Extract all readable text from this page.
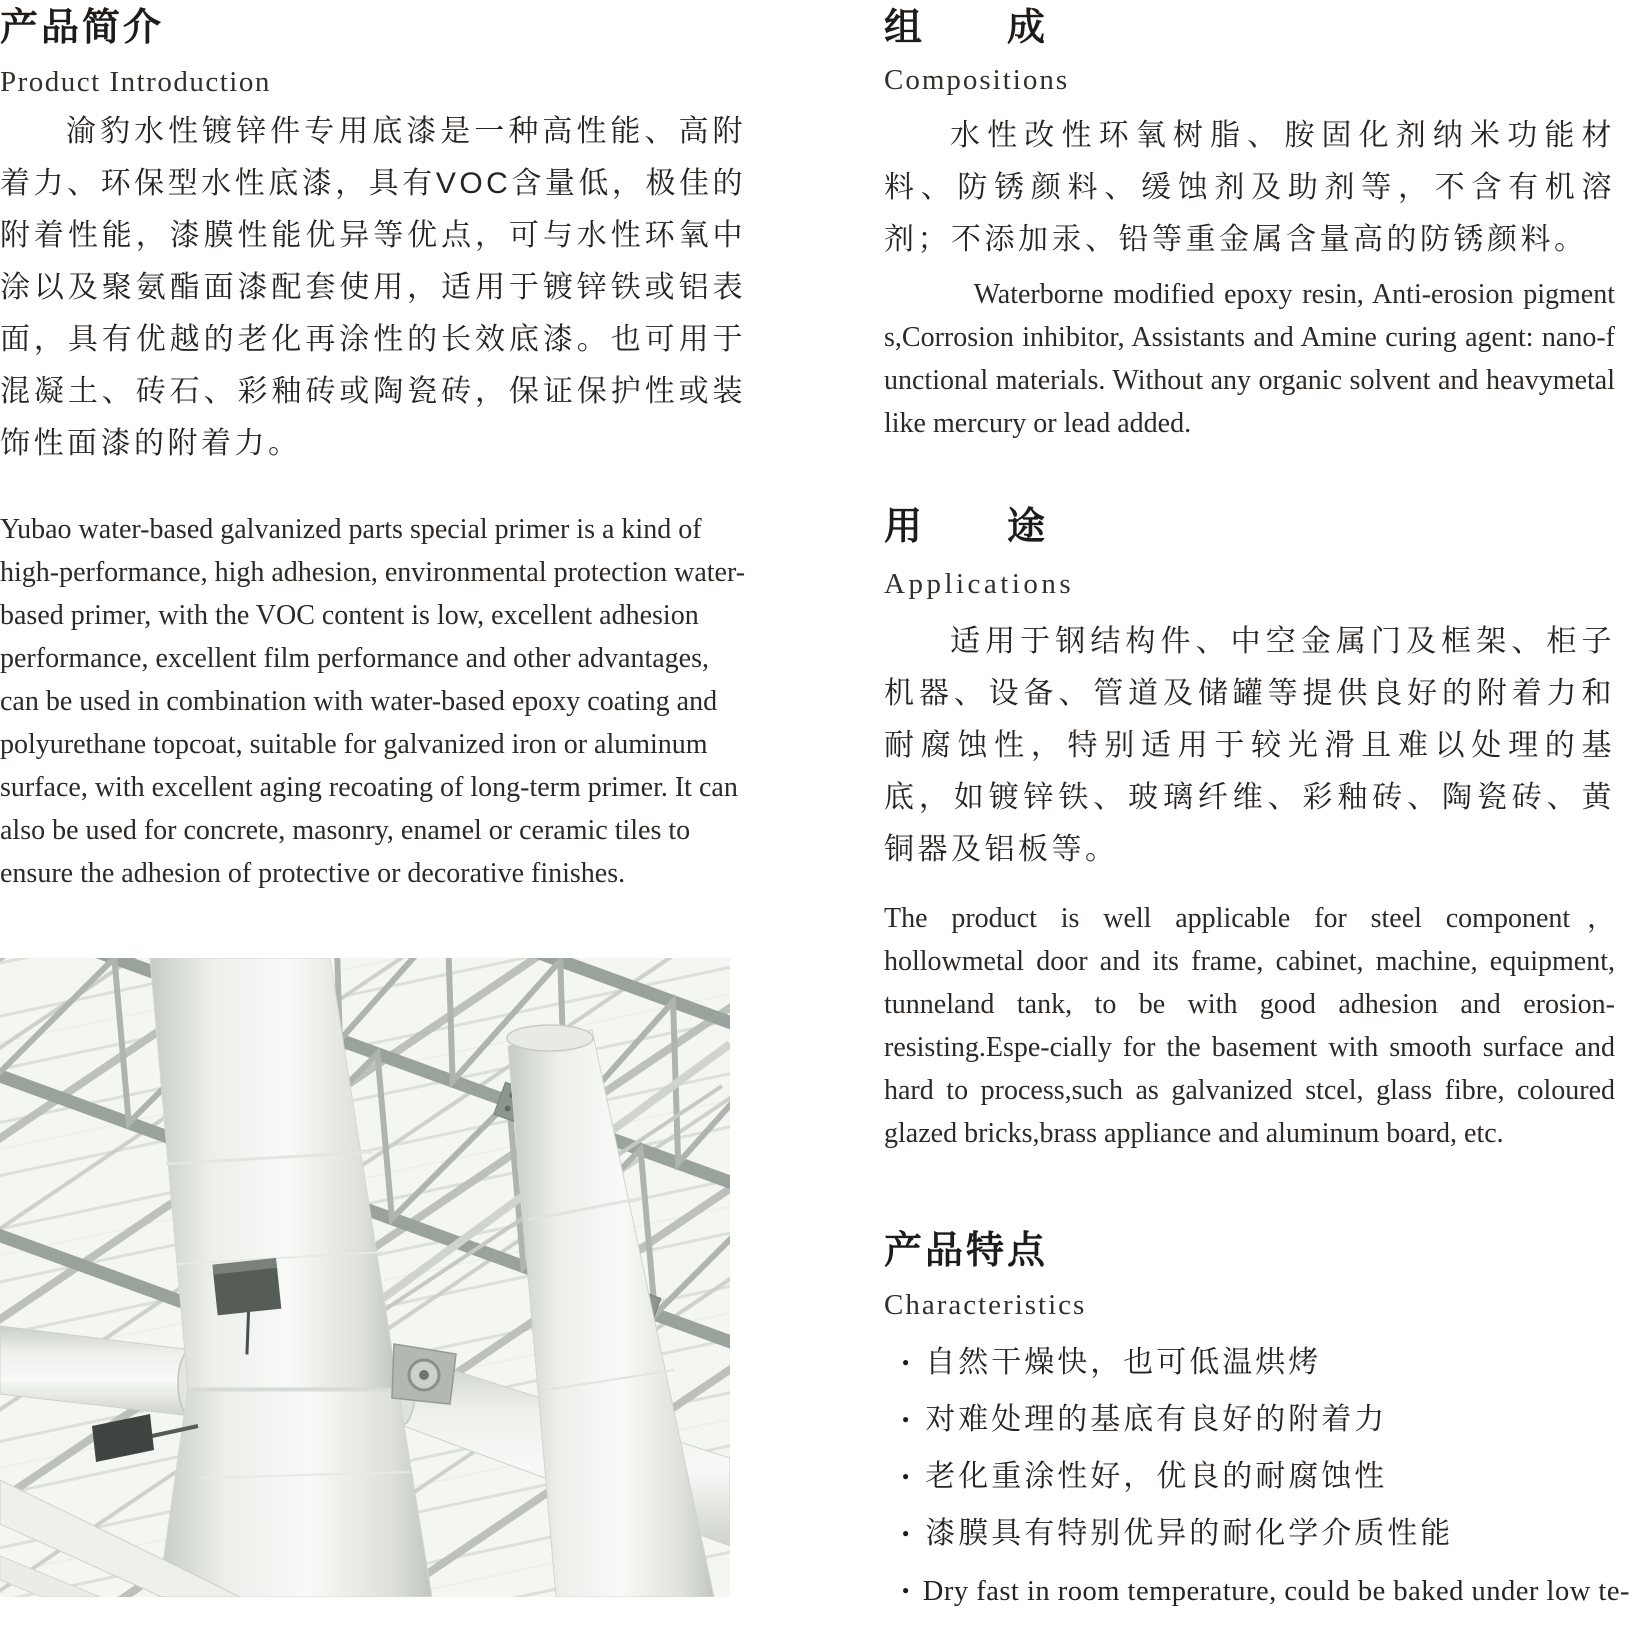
产品简介
Product Introduction

渝豹水性镀锌件专用底漆是一种高性能、高附着力、环保型水性底漆，具有VOC含量低，极佳的附着性能，漆膜性能优异等优点，可与水性环氧中涂以及聚氨酯面漆配套使用，适用于镀锌铁或铝表面，具有优越的老化再涂性的长效底漆。也可用于混凝土、砖石、彩釉砖或陶瓷砖，保证保护性或装饰性面漆的附着力。

Yubao water-based galvanized parts special primer is a kind of high-performance, high adhesion, environmental protection water-based primer, with the VOC content is low, excellent adhesion performance, excellent film performance and other advantages, can be used in combination with water-based epoxy coating and polyurethane topcoat, suitable for galvanized iron or aluminum surface, with excellent aging recoating of long-term primer. It can also be used for concrete, masonry, enamel or ceramic tiles to ensure the adhesion of protective or decorative finishes.

组　　成
Compositions

水性改性环氧树脂、胺固化剂纳米功能材料、防锈颜料、缓蚀剂及助剂等，不含有机溶剂；不添加汞、铅等重金属含量高的防锈颜料。

Waterborne modified epoxy resin, Anti-erosion pigments,Corrosion inhibitor, Assistants and Amine curing agent: nano-functional materials. Without any organic solvent and heavymetal like mercury or lead added.

用　　途
Applications

适用于钢结构件、中空金属门及框架、柜子机器、设备、管道及储罐等提供良好的附着力和耐腐蚀性，特别适用于较光滑且难以处理的基底，如镀锌铁、玻璃纤维、彩釉砖、陶瓷砖、黄铜器及铝板等。

The product is well applicable for steel component， hollowmetal door and its frame, cabinet, machine, equipment, tunneland tank, to be with good adhesion and erosion-resisting.Espe-cially for the basement with smooth surface and hard to process,such as galvanized stcel, glass fibre, coloured glazed bricks,brass appliance and aluminum board, etc.

产品特点
Characteristics
● 自然干燥快，也可低温烘烤
● 对难处理的基底有良好的附着力
● 老化重涂性好，优良的耐腐蚀性
● 漆膜具有特别优异的耐化学介质性能
● Dry fast in room temperature, could be baked under low te-
